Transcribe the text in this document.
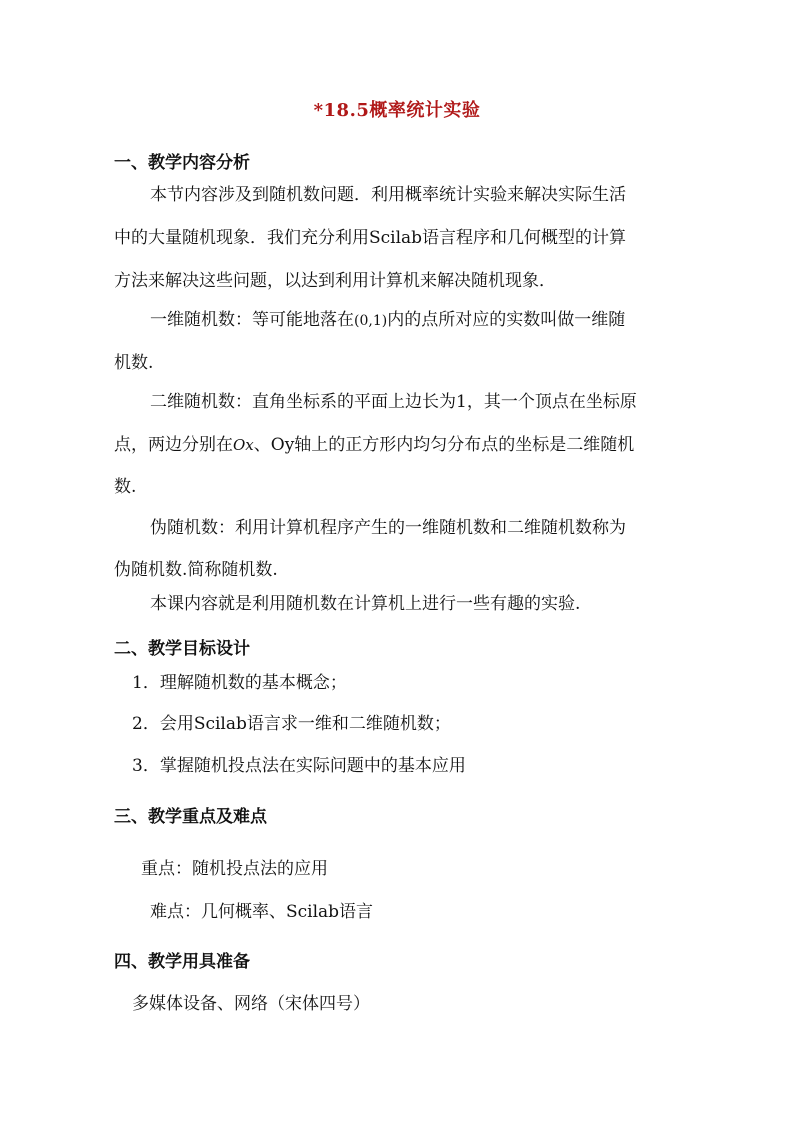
*18.5概率统计实验
一、教学内容分析
本节内容涉及到随机数问题．利用概率统计实验来解决实际生活
中的大量随机现象．我们充分利用Scilab语言程序和几何概型的计算
方法来解决这些问题，以达到利用计算机来解决随机现象．
一维随机数：等可能地落在(0,1)内的点所对应的实数叫做一维随
机数.
二维随机数：直角坐标系的平面上边长为1，其一个顶点在坐标原
点，两边分别在Ox、Oy轴上的正方形内均匀分布点的坐标是二维随机
数.
伪随机数：利用计算机程序产生的一维随机数和二维随机数称为
伪随机数.简称随机数.
本课内容就是利用随机数在计算机上进行一些有趣的实验.
二、教学目标设计
1．理解随机数的基本概念；
2．会用Scilab语言求一维和二维随机数；
3．掌握随机投点法在实际问题中的基本应用
三、教学重点及难点
重点：随机投点法的应用
难点：几何概率、Scilab语言
四、教学用具准备
多媒体设备、网络（宋体四号）
